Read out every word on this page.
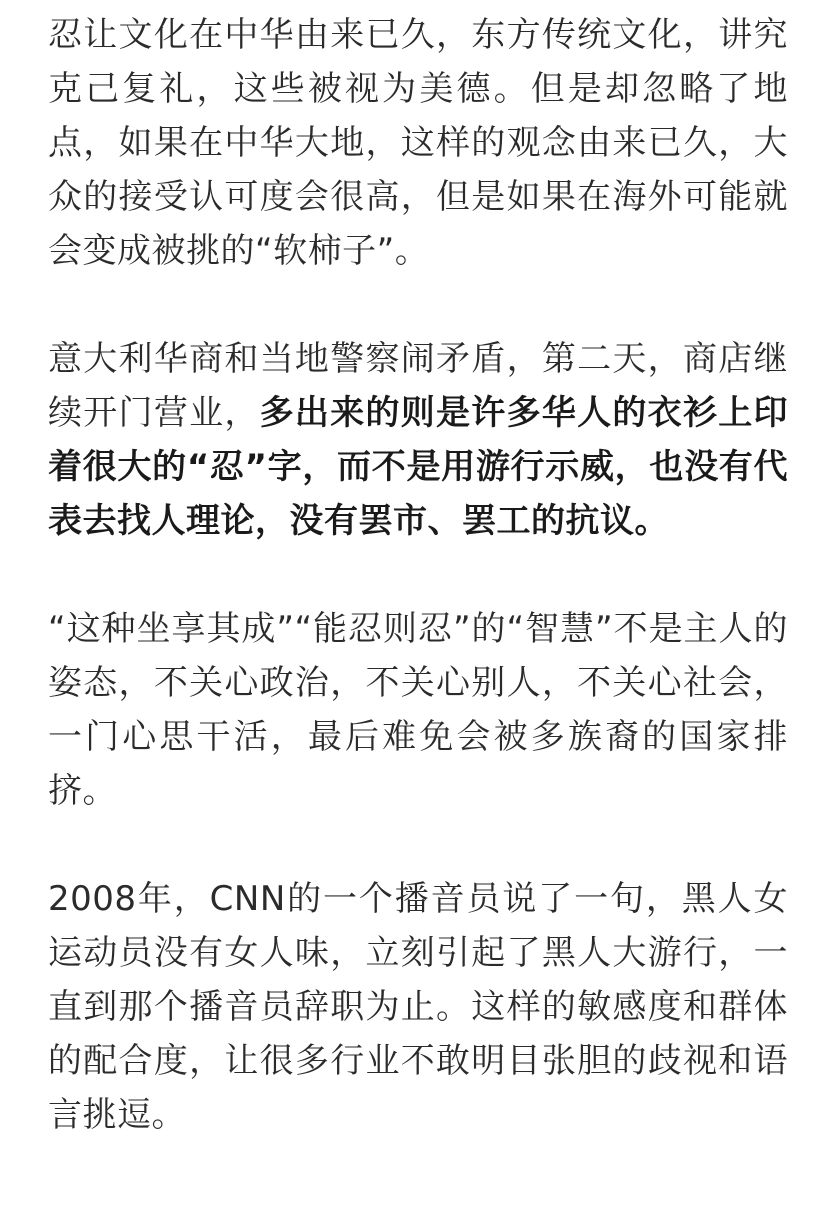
忍让文化在中华由来已久，东方传统文化，讲究克己复礼，这些被视为美德。但是却忽略了地点，如果在中华大地，这样的观念由来已久，大众的接受认可度会很高，但是如果在海外可能就会变成被挑的“软柿子”。

意大利华商和当地警察闹矛盾，第二天，商店继续开门营业，多出来的则是许多华人的衣衫上印着很大的“忍”字，而不是用游行示威，也没有代表去找人理论，没有罢市、罢工的抗议。

“这种坐享其成”“能忍则忍”的“智慧”不是主人的姿态，不关心政治，不关心别人，不关心社会，一门心思干活，最后难免会被多族裔的国家排挤。

2008年，CNN的一个播音员说了一句，黑人女运动员没有女人味，立刻引起了黑人大游行，一直到那个播音员辞职为止。这样的敏感度和群体的配合度，让很多行业不敢明目张胆的歧视和语言挑逗。
